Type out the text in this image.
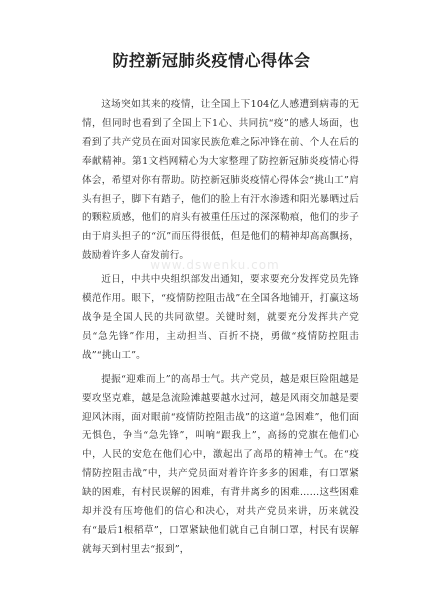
防控新冠肺炎疫情心得体会

这场突如其来的疫情，让全国上下104亿人感遭到病毒的无情，但同时也看到了全国上下1心、共同抗“疫”的感人场面，也看到了共产党员在面对国家民族危难之际冲锋在前、个人在后的奉献精神。第1文档网精心为大家整理了防控新冠肺炎疫情心得体会，希望对你有帮助。防控新冠肺炎疫情心得体会“挑山工”肩头有担子，脚下有踏子，他们的脸上有汗水渗透和阳光暴晒过后的颗粒质感，他们的肩头有被重任压过的深深勒痕，他们的步子由于肩头担子的“沉”而压得很低，但是他们的精神却高高飘扬，鼓励着许多人奋发前行。

近日，中共中央组织部发出通知，要求要充分发挥党员先锋模范作用。眼下，“疫情防控阻击战”在全国各地铺开，打赢这场战争是全国人民的共同欲望。关键时刻，就要充分发挥共产党员“急先锋”作用，主动担当、百折不挠，勇做“疫情防控阻击战”“挑山工”。

提振“迎难而上”的高昂士气。共产党员，越是艰巨险阻越是要攻坚克难，越是急流险滩越要越水过河，越是风雨交加越是要迎风沐雨，面对眼前“疫情防控阻击战”的这道“急困难”，他们面无惧色，争当“急先锋”，叫响“跟我上”，高扬的党旗在他们心中，人民的安危在他们心中，激起出了高昂的精神士气。在“疫情防控阻击战”中，共产党员面对着许许多多的困难，有口罩紧缺的困难，有村民误解的困难，有背井离乡的困难……这些困难却并没有压垮他们的信心和决心，对共产党员来讲，历来就没有“最后1根稻草”，口罩紧缺他们就自己自制口罩，村民有误解就每天到村里去“报到”，

www.dswenku.com
